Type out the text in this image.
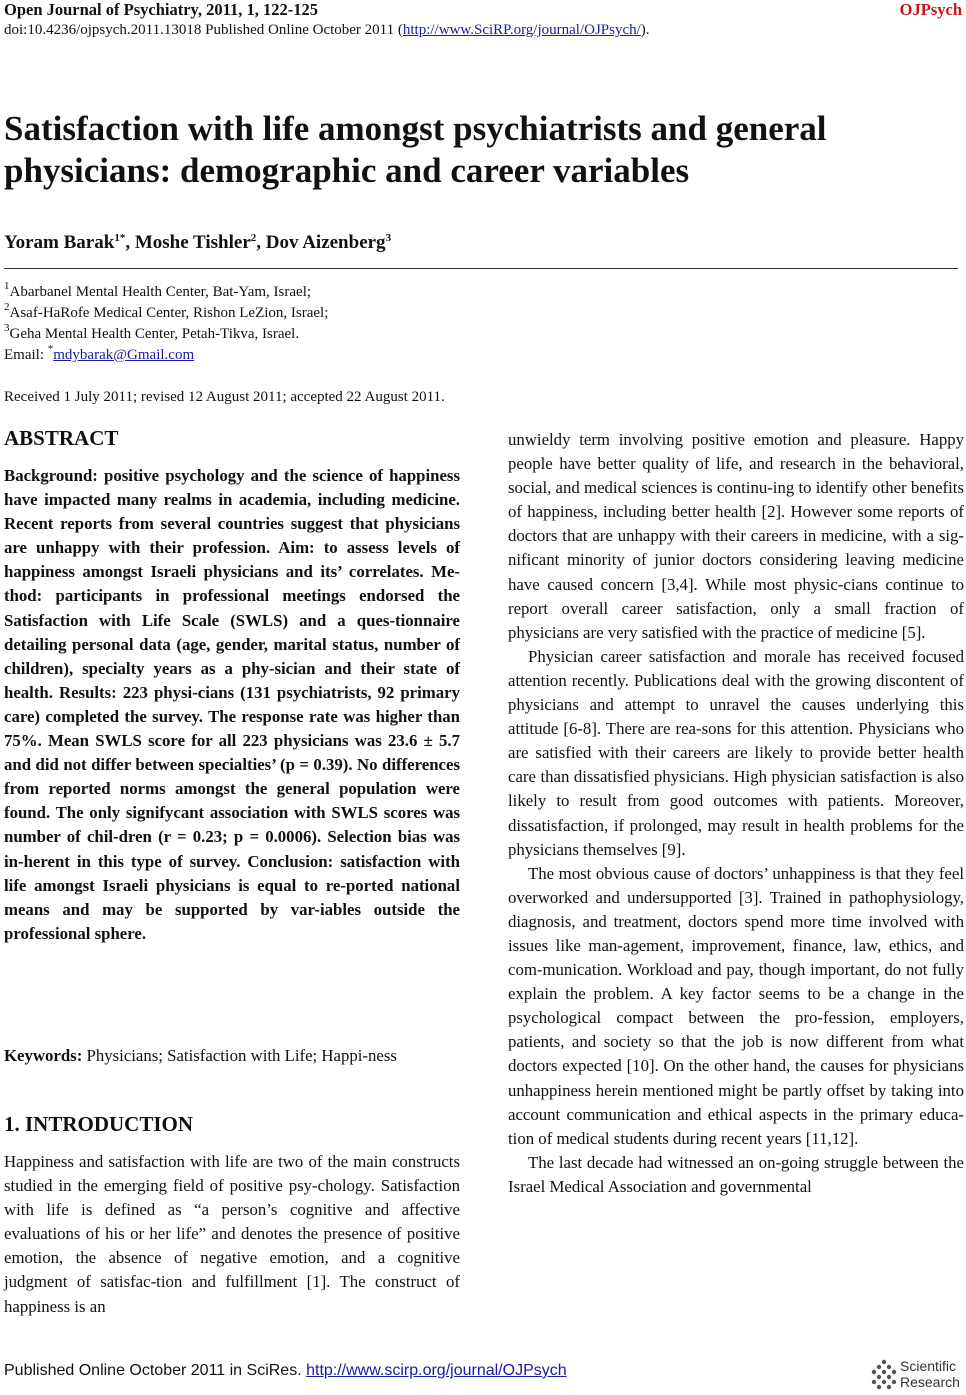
Open Journal of Psychiatry, 2011, 1, 122-125	OJPsych
doi:10.4236/ojpsych.2011.13018 Published Online October 2011 (http://www.SciRP.org/journal/OJPsych/).
Satisfaction with life amongst psychiatrists and general physicians: demographic and career variables
Yoram Barak$^{1*}$, Moshe Tishler$^2$, Dov Aizenberg$^3$
$^1$Abarbanel Mental Health Center, Bat-Yam, Israel;
$^2$Asaf-HaRofe Medical Center, Rishon LeZion, Israel;
$^3$Geha Mental Health Center, Petah-Tikva, Israel.
Email: *mdybarak@Gmail.com
Received 1 July 2011; revised 12 August 2011; accepted 22 August 2011.
ABSTRACT
Background: positive psychology and the science of happiness have impacted many realms in academia, including medicine. Recent reports from several countries suggest that physicians are unhappy with their profession. Aim: to assess levels of happiness amongst Israeli physicians and its’ correlates. Me-thod: participants in professional meetings endorsed the Satisfaction with Life Scale (SWLS) and a ques-tionnaire detailing personal data (age, gender, marital status, number of children), specialty years as a phy-sician and their state of health. Results: 223 physi-cians (131 psychiatrists, 92 primary care) completed the survey. The response rate was higher than 75%. Mean SWLS score for all 223 physicians was 23.6 ± 5.7 and did not differ between specialties’ (p = 0.39). No differences from reported norms amongst the general population were found. The only signifycant association with SWLS scores was number of chil-dren (r = 0.23; p = 0.0006). Selection bias was in-herent in this type of survey. Conclusion: satisfaction with life amongst Israeli physicians is equal to re-ported national means and may be supported by var-iables outside the professional sphere.
Keywords: Physicians; Satisfaction with Life; Happi-ness
1. INTRODUCTION
Happiness and satisfaction with life are two of the main constructs studied in the emerging field of positive psy-chology. Satisfaction with life is defined as “a person’s cognitive and affective evaluations of his or her life” and denotes the presence of positive emotion, the absence of negative emotion, and a cognitive judgment of satisfac-tion and fulfillment [1]. The construct of happiness is an

unwieldy term involving positive emotion and pleasure. Happy people have better quality of life, and research in the behavioral, social, and medical sciences is continu-ing to identify other benefits of happiness, including better health [2]. However some reports of doctors that are unhappy with their careers in medicine, with a sig-nificant minority of junior doctors considering leaving medicine have caused concern [3,4]. While most physic-cians continue to report overall career satisfaction, only a small fraction of physicians are very satisfied with the practice of medicine [5].

Physician career satisfaction and morale has received focused attention recently. Publications deal with the growing discontent of physicians and attempt to unravel the causes underlying this attitude [6-8]. There are rea-sons for this attention. Physicians who are satisfied with their careers are likely to provide better health care than dissatisfied physicians. High physician satisfaction is also likely to result from good outcomes with patients. Moreover, dissatisfaction, if prolonged, may result in health problems for the physicians themselves [9].

The most obvious cause of doctors’ unhappiness is that they feel overworked and undersupported [3]. Trained in pathophysiology, diagnosis, and treatment, doctors spend more time involved with issues like man-agement, improvement, finance, law, ethics, and com-munication. Workload and pay, though important, do not fully explain the problem. A key factor seems to be a change in the psychological compact between the pro-fession, employers, patients, and society so that the job is now different from what doctors expected [10]. On the other hand, the causes for physicians unhappiness herein mentioned might be partly offset by taking into account communication and ethical aspects in the primary educa-tion of medical students during recent years [11,12].

The last decade had witnessed an on-going struggle between the Israel Medical Association and governmental

Published Online October 2011 in SciRes. http://www.scirp.org/journal/OJPsych	Scientific
Research
